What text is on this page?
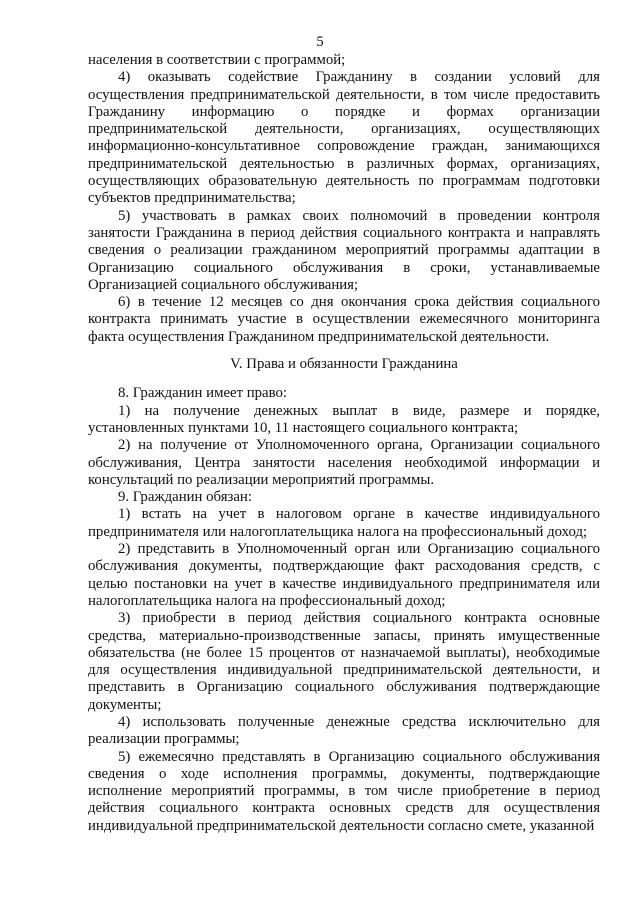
5

населения в соответствии с программой;

4) оказывать содействие Гражданину в создании условий для осуществления предпринимательской деятельности, в том числе предоставить Гражданину информацию о порядке и формах организации предпринимательской деятельности, организациях, осуществляющих информационно-консультативное сопровождение граждан, занимающихся предпринимательской деятельностью в различных формах, организациях, осуществляющих образовательную деятельность по программам подготовки субъектов предпринимательства;

5) участвовать в рамках своих полномочий в проведении контроля занятости Гражданина в период действия социального контракта и направлять сведения о реализации гражданином мероприятий программы адаптации в Организацию социального обслуживания в сроки, устанавливаемые Организацией социального обслуживания;

6) в течение 12 месяцев со дня окончания срока действия социального контракта принимать участие в осуществлении ежемесячного мониторинга факта осуществления Гражданином предпринимательской деятельности.

V. Права и обязанности Гражданина

8. Гражданин имеет право:

1) на получение денежных выплат в виде, размере и порядке, установленных пунктами 10, 11 настоящего социального контракта;

2) на получение от Уполномоченного органа, Организации социального обслуживания, Центра занятости населения необходимой информации и консультаций по реализации мероприятий программы.

9. Гражданин обязан:

1) встать на учет в налоговом органе в качестве индивидуального предпринимателя или налогоплательщика налога на профессиональный доход;

2) представить в Уполномоченный орган или Организацию социального обслуживания документы, подтверждающие факт расходования средств, с целью постановки на учет в качестве индивидуального предпринимателя или налогоплательщика налога на профессиональный доход;

3) приобрести в период действия социального контракта основные средства, материально-производственные запасы, принять имущественные обязательства (не более 15 процентов от назначаемой выплаты), необходимые для осуществления индивидуальной предпринимательской деятельности, и представить в Организацию социального обслуживания подтверждающие документы;

4) использовать полученные денежные средства исключительно для реализации программы;

5) ежемесячно представлять в Организацию социального обслуживания сведения о ходе исполнения программы, документы, подтверждающие исполнение мероприятий программы, в том числе приобретение в период действия социального контракта основных средств для осуществления индивидуальной предпринимательской деятельности согласно смете, указанной
